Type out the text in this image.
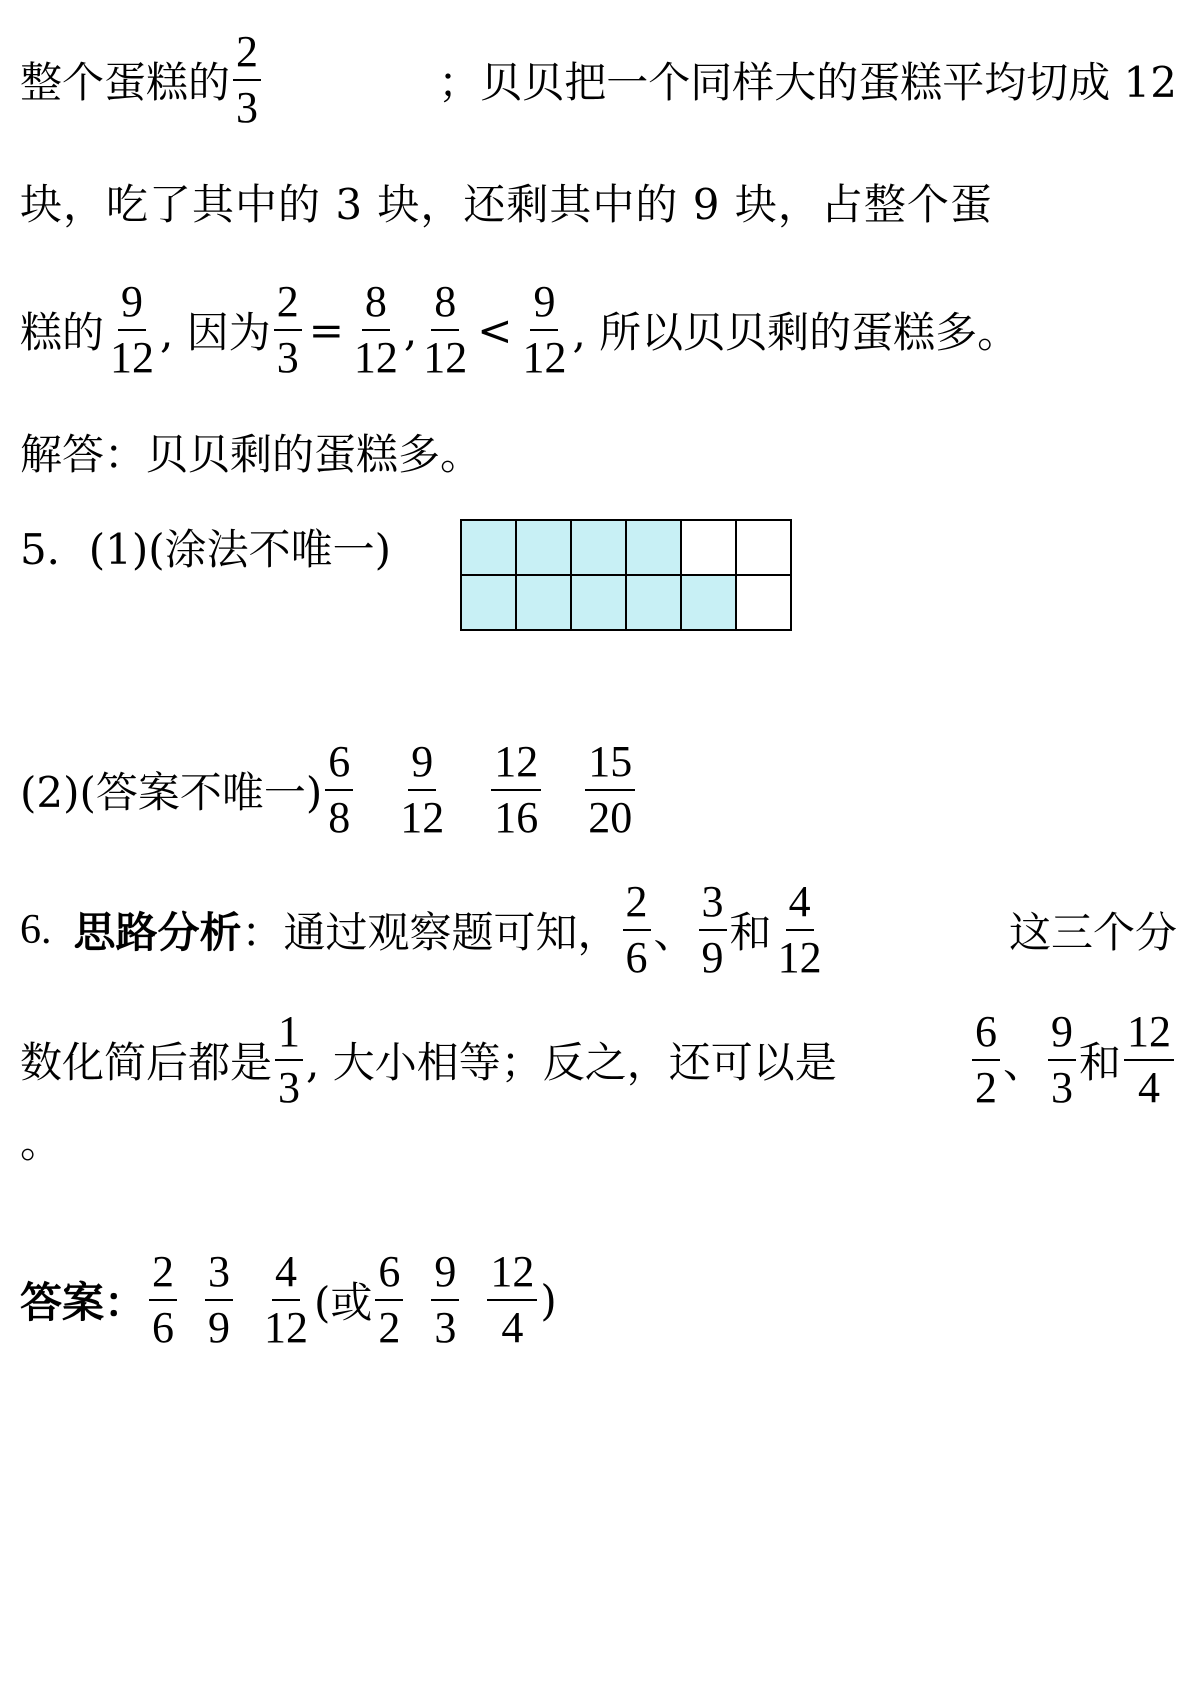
整个蛋糕的 $\frac{2}{3}$	；贝贝把一个同样大的蛋糕平均切成 12
块，吃了其中的 3 块，还剩其中的 9 块，占整个蛋
糕的 $\frac{9}{12}$ , 因为 $\frac{2}{3} = \frac{8}{12}$ , $\frac{8}{12} < \frac{9}{12}$ , 所以贝贝剩的蛋糕多。
解答：贝贝剩的蛋糕多。
5．(1)(涂法不唯一)

(2)(答案不唯一) $\frac{6}{8} \frac{9}{12} \frac{12}{16} \frac{15}{20}$
6. 思路分析 ：通过观察题可知， $\frac{2}{6}$ 、 $\frac{3}{9}$ 和 $\frac{4}{12}$	这三个分
数化简后都是 $\frac{1}{3}$ , 大小相等；反之，还可以是	$\frac{6}{2}$ 、 $\frac{9}{3}$ 和 $\frac{12}{4}$
。
答案： $\frac{2}{6} \frac{3}{9} \frac{4}{12}$ (或 $\frac{6}{2} \frac{9}{3} \frac{12}{4}$ )
